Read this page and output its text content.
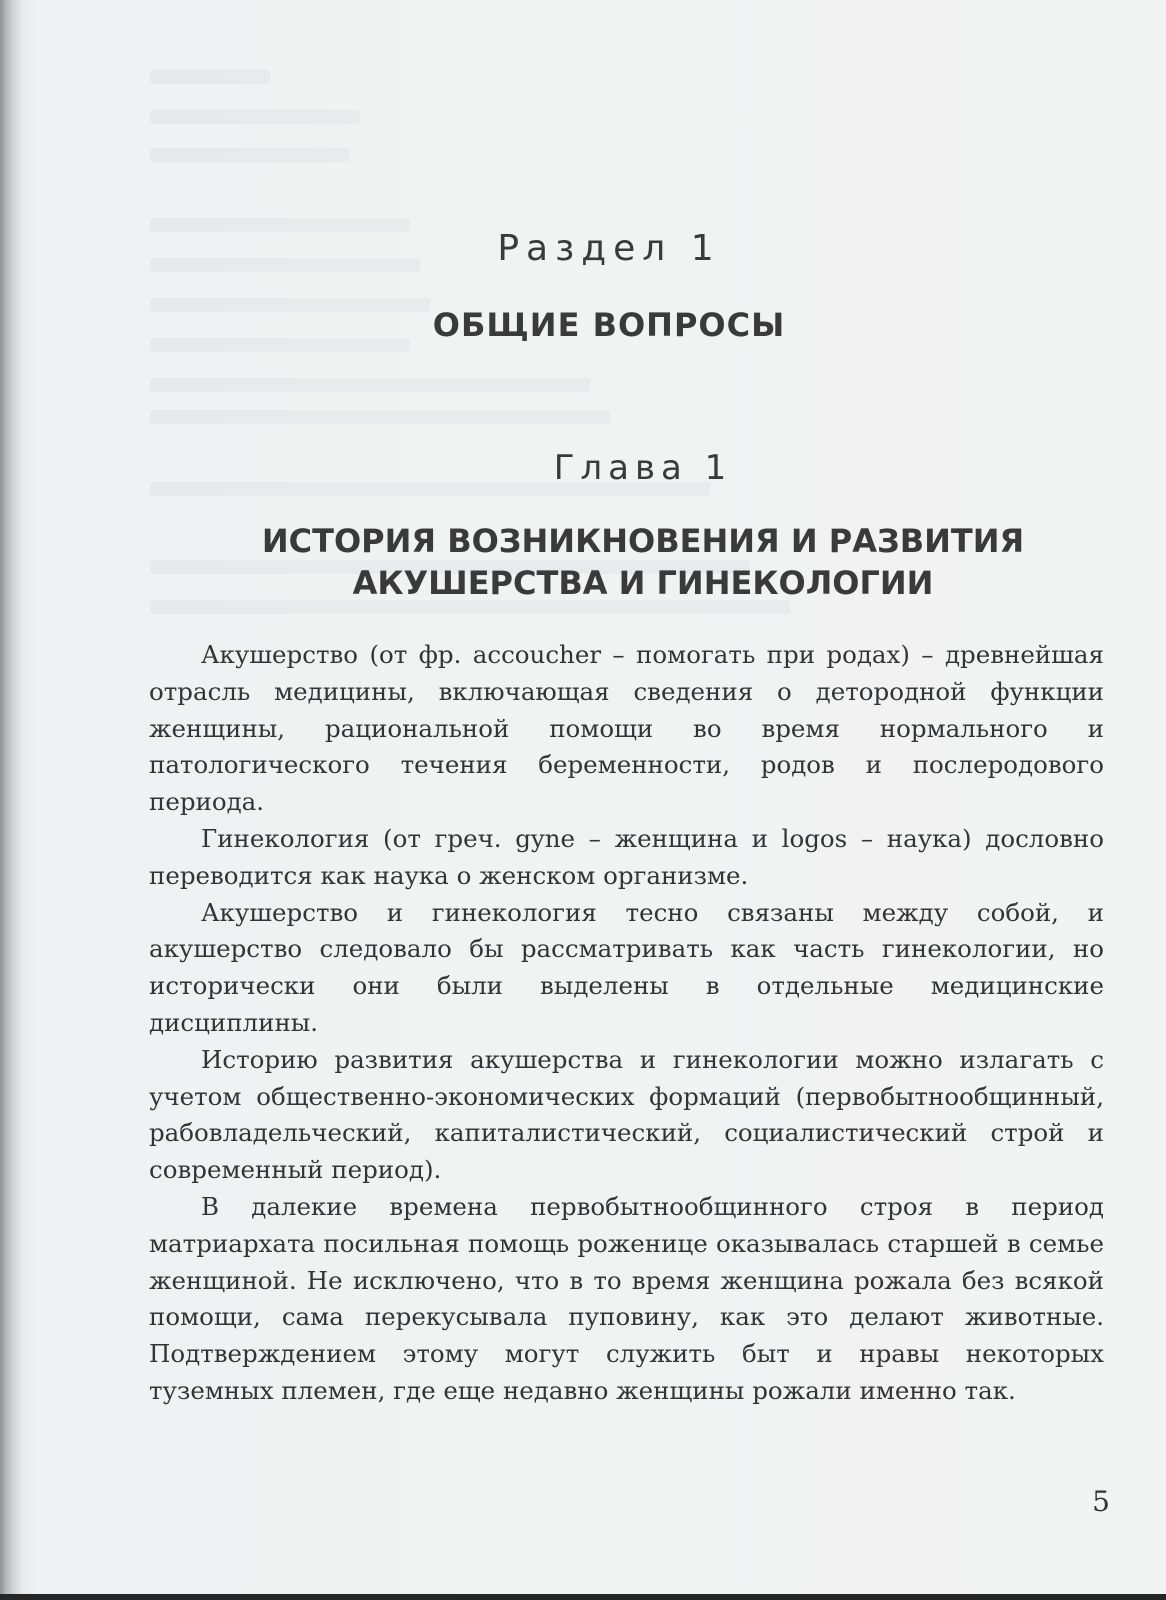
Раздел 1
ОБЩИЕ ВОПРОСЫ
Глава 1
ИСТОРИЯ ВОЗНИКНОВЕНИЯ И РАЗВИТИЯ
АКУШЕРСТВА И ГИНЕКОЛОГИИ

Акушерство (от фр. accoucher – помогать при родах) – древнейшая отрасль медицины, включающая сведения о детородной функции женщины, рациональной помощи во время нормального и патологического течения беременности, родов и послеродового периода.

Гинекология (от греч. gyne – женщина и logos – наука) дословно переводится как наука о женском организме.

Акушерство и гинекология тесно связаны между собой, и акушерство следовало бы рассматривать как часть гинекологии, но исторически они были выделены в отдельные медицинские дисциплины.

Историю развития акушерства и гинекологии можно излагать с учетом общественно-экономических формаций (первобытнообщинный, рабовладельческий, капиталистический, социалистический строй и современный период).

В далекие времена первобытнообщинного строя в период матриархата посильная помощь роженице оказывалась старшей в семье женщиной. Не исключено, что в то время женщина рожала без всякой помощи, сама перекусывала пуповину, как это делают животные. Подтверждением этому могут служить быт и нравы некоторых туземных племен, где еще недавно женщины рожали именно так.

5
